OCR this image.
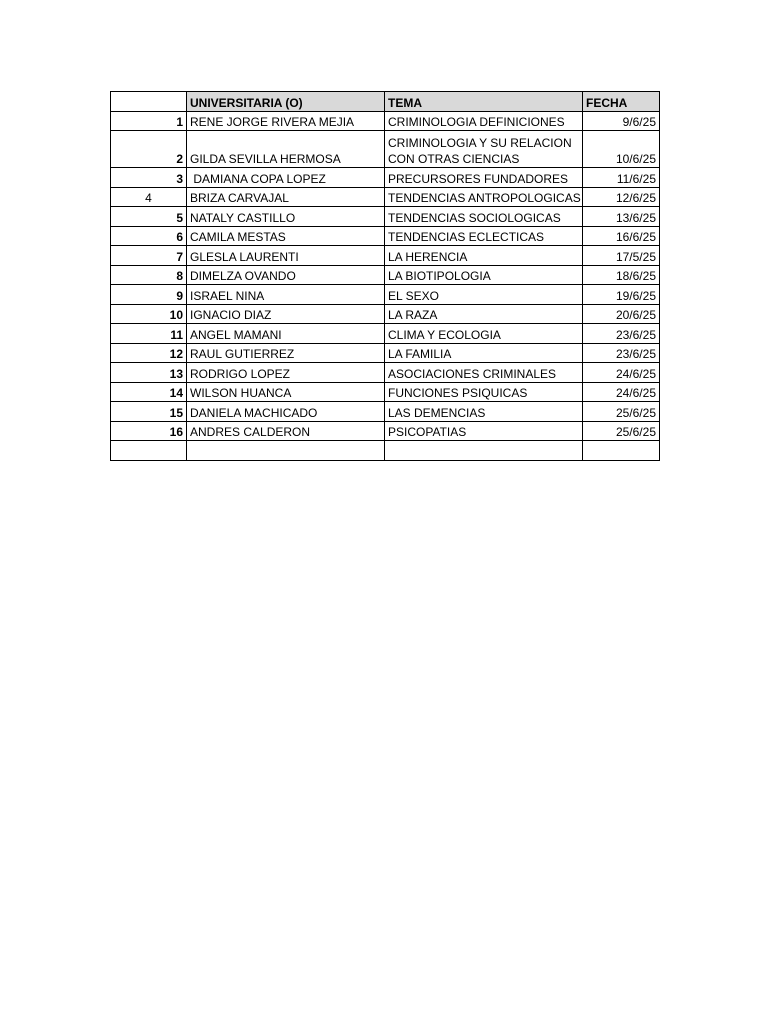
	UNIVERSITARIA (O)	TEMA	FECHA
1	RENE JORGE RIVERA MEJIA	CRIMINOLOGIA DEFINICIONES	9/6/25
2	GILDA SEVILLA HERMOSA	CRIMINOLOGIA Y SU RELACION CON OTRAS CIENCIAS	10/6/25
3	DAMIANA COPA LOPEZ	PRECURSORES FUNDADORES	11/6/25
4	BRIZA CARVAJAL	TENDENCIAS ANTROPOLOGICAS	12/6/25
5	NATALY CASTILLO	TENDENCIAS SOCIOLOGICAS	13/6/25
6	CAMILA MESTAS	TENDENCIAS ECLECTICAS	16/6/25
7	GLESLA LAURENTI	LA HERENCIA	17/5/25
8	DIMELZA OVANDO	LA BIOTIPOLOGIA	18/6/25
9	ISRAEL NINA	EL SEXO	19/6/25
10	IGNACIO DIAZ	LA RAZA	20/6/25
11	ANGEL MAMANI	CLIMA Y ECOLOGIA	23/6/25
12	RAUL GUTIERREZ	LA FAMILIA	23/6/25
13	RODRIGO LOPEZ	ASOCIACIONES CRIMINALES	24/6/25
14	WILSON HUANCA	FUNCIONES PSIQUICAS	24/6/25
15	DANIELA MACHICADO	LAS DEMENCIAS	25/6/25
16	ANDRES CALDERON	PSICOPATIAS	25/6/25
